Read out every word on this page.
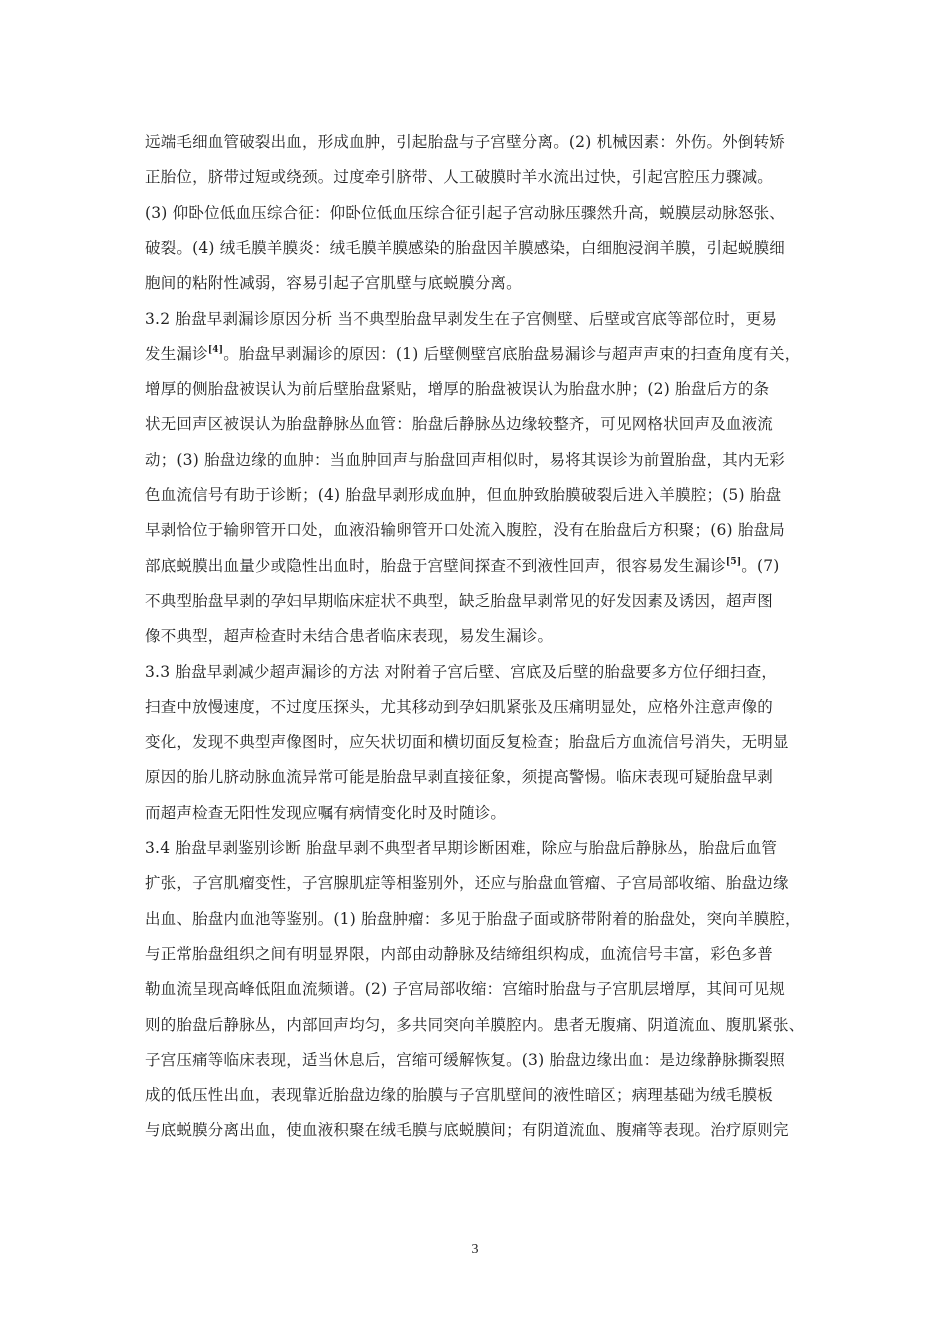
远端毛细血管破裂出血，形成血肿，引起胎盘与子宫壁分离。(2) 机械因素：外伤。外倒转矫
正胎位，脐带过短或绕颈。过度牵引脐带、人工破膜时羊水流出过快，引起宫腔压力骤减。
(3) 仰卧位低血压综合征：仰卧位低血压综合征引起子宫动脉压骤然升高，蜕膜层动脉怒张、
破裂。(4) 绒毛膜羊膜炎：绒毛膜羊膜感染的胎盘因羊膜感染，白细胞浸润羊膜，引起蜕膜细
胞间的粘附性减弱，容易引起子宫肌壁与底蜕膜分离。
3.2 胎盘早剥漏诊原因分析 当不典型胎盘早剥发生在子宫侧壁、后壁或宫底等部位时，更易
发生漏诊[4]。胎盘早剥漏诊的原因：(1) 后壁侧壁宫底胎盘易漏诊与超声声束的扫查角度有关，
增厚的侧胎盘被误认为前后壁胎盘紧贴，增厚的胎盘被误认为胎盘水肿；(2) 胎盘后方的条
状无回声区被误认为胎盘静脉丛血管：胎盘后静脉丛边缘较整齐，可见网格状回声及血液流
动；(3) 胎盘边缘的血肿：当血肿回声与胎盘回声相似时，易将其误诊为前置胎盘，其内无彩
色血流信号有助于诊断；(4) 胎盘早剥形成血肿，但血肿致胎膜破裂后进入羊膜腔；(5) 胎盘
早剥恰位于输卵管开口处，血液沿输卵管开口处流入腹腔，没有在胎盘后方积聚；(6) 胎盘局
部底蜕膜出血量少或隐性出血时，胎盘于宫壁间探查不到液性回声，很容易发生漏诊[5]。(7)
不典型胎盘早剥的孕妇早期临床症状不典型，缺乏胎盘早剥常见的好发因素及诱因，超声图
像不典型，超声检查时未结合患者临床表现，易发生漏诊。
3.3 胎盘早剥减少超声漏诊的方法 对附着子宫后壁、宫底及后壁的胎盘要多方位仔细扫查，
扫查中放慢速度，不过度压探头，尤其移动到孕妇肌紧张及压痛明显处，应格外注意声像的
变化，发现不典型声像图时，应矢状切面和横切面反复检查；胎盘后方血流信号消失，无明显
原因的胎儿脐动脉血流异常可能是胎盘早剥直接征象，须提高警惕。临床表现可疑胎盘早剥
而超声检查无阳性发现应嘱有病情变化时及时随诊。
3.4 胎盘早剥鉴别诊断 胎盘早剥不典型者早期诊断困难，除应与胎盘后静脉丛，胎盘后血管
扩张，子宫肌瘤变性，子宫腺肌症等相鉴别外，还应与胎盘血管瘤、子宫局部收缩、胎盘边缘
出血、胎盘内血池等鉴别。(1) 胎盘肿瘤：多见于胎盘子面或脐带附着的胎盘处，突向羊膜腔，
与正常胎盘组织之间有明显界限，内部由动静脉及结缔组织构成，血流信号丰富，彩色多普
勒血流呈现高峰低阻血流频谱。(2) 子宫局部收缩：宫缩时胎盘与子宫肌层增厚，其间可见规
则的胎盘后静脉丛，内部回声均匀，多共同突向羊膜腔内。患者无腹痛、阴道流血、腹肌紧张、
子宫压痛等临床表现，适当休息后，宫缩可缓解恢复。(3) 胎盘边缘出血：是边缘静脉撕裂照
成的低压性出血，表现靠近胎盘边缘的胎膜与子宫肌壁间的液性暗区；病理基础为绒毛膜板
与底蜕膜分离出血，使血液积聚在绒毛膜与底蜕膜间；有阴道流血、腹痛等表现。治疗原则完
3
